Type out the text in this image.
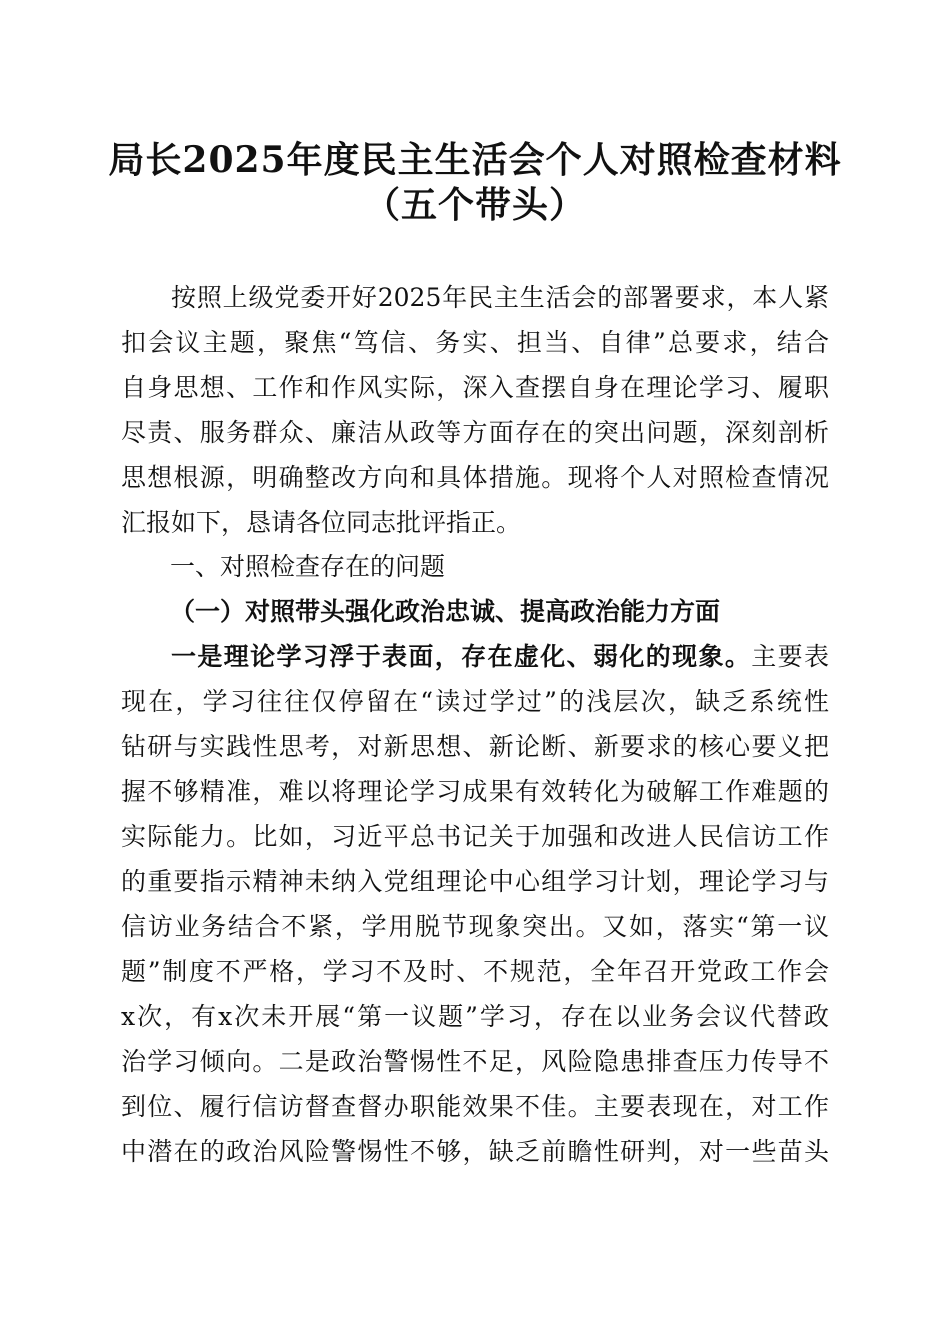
局长2025年度民主生活会个人对照检查材料
（五个带头）
按照上级党委开好2025年民主生活会的部署要求，本人紧
扣会议主题，聚焦“笃信、务实、担当、自律”总要求，结合
自身思想、工作和作风实际，深入查摆自身在理论学习、履职
尽责、服务群众、廉洁从政等方面存在的突出问题，深刻剖析
思想根源，明确整改方向和具体措施。现将个人对照检查情况
汇报如下，恳请各位同志批评指正。
一、对照检查存在的问题
（一）对照带头强化政治忠诚、提高政治能力方面
一是理论学习浮于表面，存在虚化、弱化的现象。主要表
现在，学习往往仅停留在“读过学过”的浅层次，缺乏系统性
钻研与实践性思考，对新思想、新论断、新要求的核心要义把
握不够精准，难以将理论学习成果有效转化为破解工作难题的
实际能力。比如，习近平总书记关于加强和改进人民信访工作
的重要指示精神未纳入党组理论中心组学习计划，理论学习与
信访业务结合不紧，学用脱节现象突出。又如，落实“第一议
题”制度不严格，学习不及时、不规范，全年召开党政工作会
x次，有x次未开展“第一议题”学习，存在以业务会议代替政
治学习倾向。二是政治警惕性不足，风险隐患排查压力传导不
到位、履行信访督查督办职能效果不佳。主要表现在，对工作
中潜在的政治风险警惕性不够，缺乏前瞻性研判，对一些苗头
